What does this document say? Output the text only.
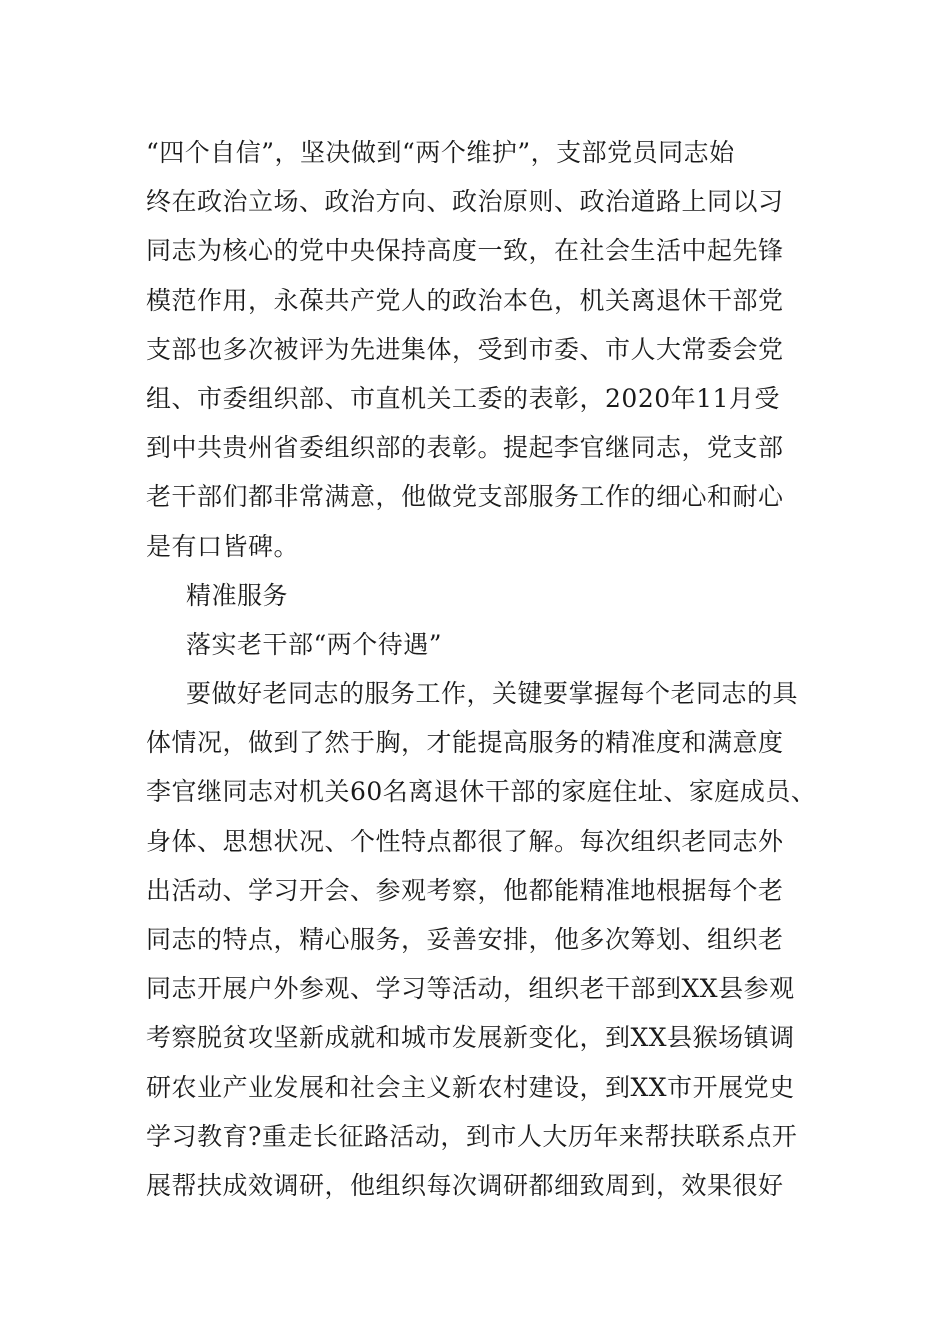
“四个自信”，坚决做到“两个维护”，支部党员同志始
终在政治立场、政治方向、政治原则、政治道路上同以习
同志为核心的党中央保持高度一致，在社会生活中起先锋
模范作用，永葆共产党人的政治本色，机关离退休干部党
支部也多次被评为先进集体，受到市委、市人大常委会党
组、市委组织部、市直机关工委的表彰，2020年11月受
到中共贵州省委组织部的表彰。提起李官继同志，党支部
老干部们都非常满意，他做党支部服务工作的细心和耐心
是有口皆碑。
精准服务
落实老干部“两个待遇”
要做好老同志的服务工作，关键要掌握每个老同志的具
体情况，做到了然于胸，才能提高服务的精准度和满意度
李官继同志对机关60名离退休干部的家庭住址、家庭成员、
身体、思想状况、个性特点都很了解。每次组织老同志外
出活动、学习开会、参观考察，他都能精准地根据每个老
同志的特点，精心服务，妥善安排，他多次筹划、组织老
同志开展户外参观、学习等活动，组织老干部到XX县参观
考察脱贫攻坚新成就和城市发展新变化，到XX县猴场镇调
研农业产业发展和社会主义新农村建设，到XX市开展党史
学习教育?重走长征路活动，到市人大历年来帮扶联系点开
展帮扶成效调研，他组织每次调研都细致周到，效果很好
